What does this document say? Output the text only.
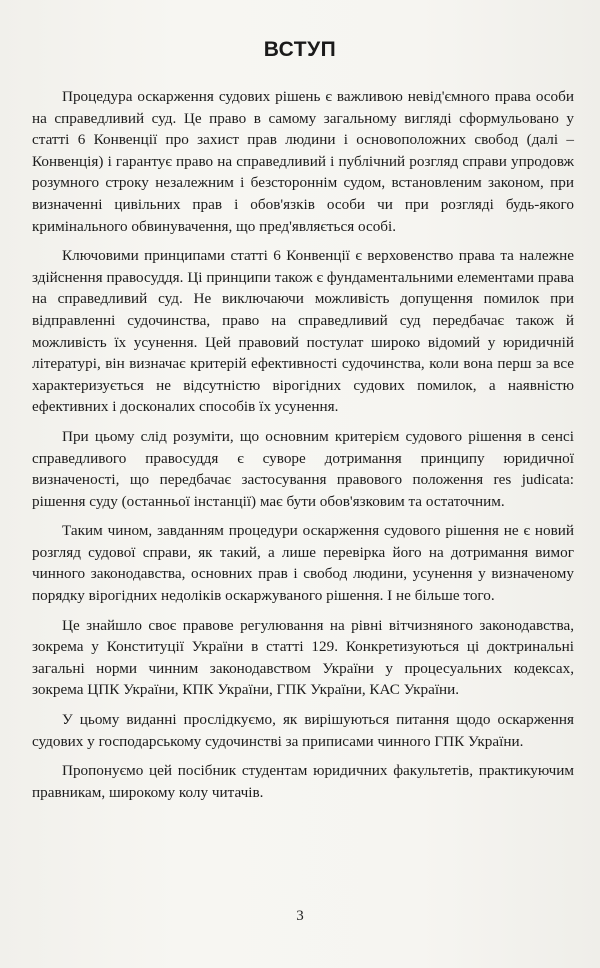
ВСТУП

Процедура оскарження судових рішень є важливою невід'ємного права особи на справедливий суд. Це право в самому загальному вигляді сформульовано у статті 6 Конвенції про захист прав людини і основоположних свобод (далі – Конвенція) і гарантує право на справедливий і публічний розгляд справи упродовж розумного строку незалежним і безстороннім судом, встановленим законом, при визначенні цивільних прав і обов'язків особи чи при розгляді будь-якого кримінального обвинувачення, що пред'являється особі.

Ключовими принципами статті 6 Конвенції є верховенство права та належне здійснення правосуддя. Ці принципи також є фундаментальними елементами права на справедливий суд. Не виключаючи можливість допущення помилок при відправленні судочинства, право на справедливий суд передбачає також й можливість їх усунення. Цей правовий постулат широко відомий у юридичній літературі, він визначає критерій ефективності судочинства, коли вона перш за все характеризується не відсутністю вірогідних судових помилок, а наявністю ефективних і досконалих способів їх усунення.

При цьому слід розуміти, що основним критерієм судового рішення в сенсі справедливого правосуддя є суворе дотримання принципу юридичної визначеності, що передбачає застосування правового положення res judicata: рішення суду (останньої інстанції) має бути обов'язковим та остаточним.

Таким чином, завданням процедури оскарження судового рішення не є новий розгляд судової справи, як такий, а лише перевірка його на дотримання вимог чинного законодавства, основних прав і свобод людини, усунення у визначеному порядку вірогідних недоліків оскаржуваного рішення. І не більше того.

Це знайшло своє правове регулювання на рівні вітчизняного законодавства, зокрема у Конституції України в статті 129. Конкретизуються ці доктринальні загальні норми чинним законодавством України у процесуальних кодексах, зокрема ЦПК України, КПК України, ГПК України, КАС України.

У цьому виданні прослідкуємо, як вирішуються питання щодо оскарження судових у господарському судочинстві за приписами чинного ГПК України.

Пропонуємо цей посібник студентам юридичних факультетів, практикуючим правникам, широкому колу читачів.

3
